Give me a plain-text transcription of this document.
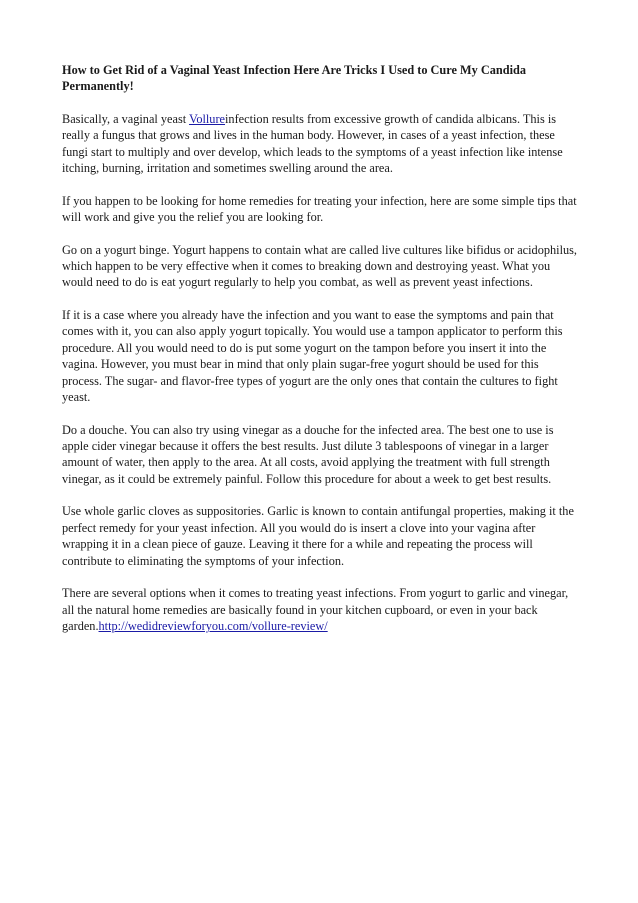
How to Get Rid of a Vaginal Yeast Infection Here Are Tricks I Used to Cure My Candida Permanently!

Basically, a vaginal yeast Vollureinfection results from excessive growth of candida albicans. This is really a fungus that grows and lives in the human body. However, in cases of a yeast infection, these fungi start to multiply and over develop, which leads to the symptoms of a yeast infection like intense itching, burning, irritation and sometimes swelling around the area.

If you happen to be looking for home remedies for treating your infection, here are some simple tips that will work and give you the relief you are looking for.

Go on a yogurt binge. Yogurt happens to contain what are called live cultures like bifidus or acidophilus, which happen to be very effective when it comes to breaking down and destroying yeast. What you would need to do is eat yogurt regularly to help you combat, as well as prevent yeast infections.

If it is a case where you already have the infection and you want to ease the symptoms and pain that comes with it, you can also apply yogurt topically. You would use a tampon applicator to perform this procedure. All you would need to do is put some yogurt on the tampon before you insert it into the vagina. However, you must bear in mind that only plain sugar-free yogurt should be used for this process. The sugar- and flavor-free types of yogurt are the only ones that contain the cultures to fight yeast.

Do a douche. You can also try using vinegar as a douche for the infected area. The best one to use is apple cider vinegar because it offers the best results. Just dilute 3 tablespoons of vinegar in a larger amount of water, then apply to the area. At all costs, avoid applying the treatment with full strength vinegar, as it could be extremely painful. Follow this procedure for about a week to get best results.

Use whole garlic cloves as suppositories. Garlic is known to contain antifungal properties, making it the perfect remedy for your yeast infection. All you would do is insert a clove into your vagina after wrapping it in a clean piece of gauze. Leaving it there for a while and repeating the process will contribute to eliminating the symptoms of your infection.

There are several options when it comes to treating yeast infections. From yogurt to garlic and vinegar, all the natural home remedies are basically found in your kitchen cupboard, or even in your back garden.http://wedidreviewforyou.com/vollure-review/
